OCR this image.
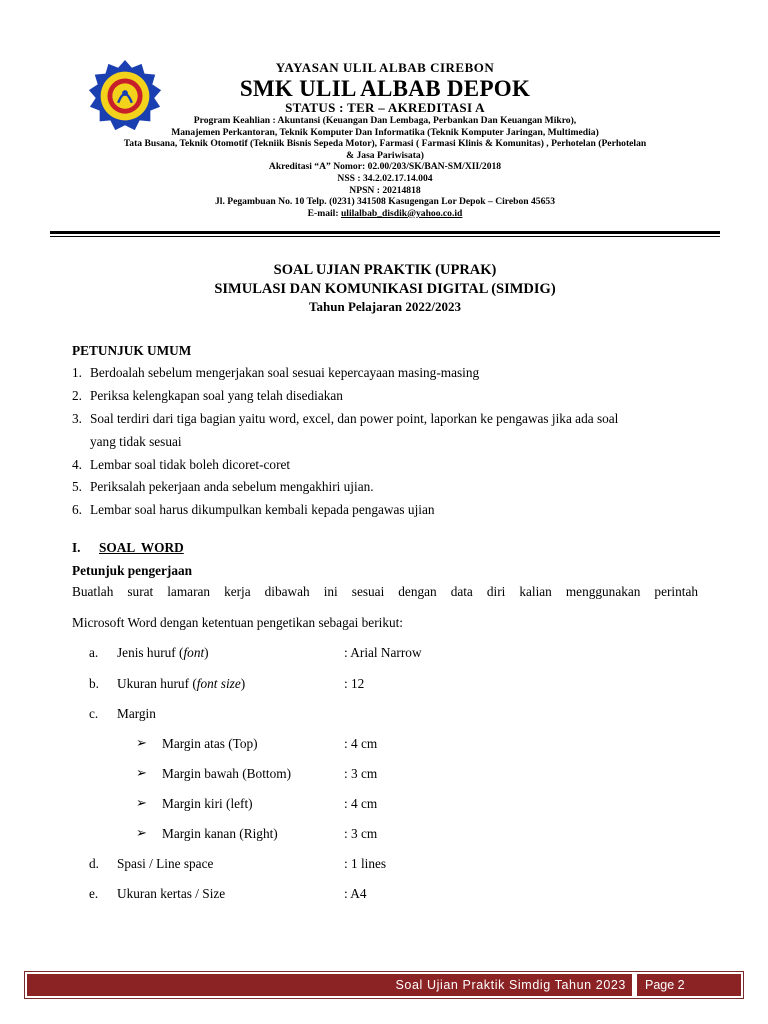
YAYASAN ULIL ALBAB CIREBON
SMK ULIL ALBAB DEPOK
STATUS : TER – AKREDITASI A
Program Keahlian : Akuntansi (Keuangan Dan Lembaga, Perbankan Dan Keuangan Mikro),
Manajemen Perkantoran, Teknik Komputer Dan Informatika (Teknik Komputer Jaringan, Multimedia)
Tata Busana, Teknik Otomotif (Tekniik Bisnis Sepeda Motor), Farmasi ( Farmasi Klinis & Komunitas) , Perhotelan (Perhotelan
& Jasa Pariwisata)
Akreditasi “A” Nomor: 02.00/203/SK/BAN-SM/XII/2018
NSS : 34.2.02.17.14.004
NPSN : 20214818
Jl. Pegambuan No. 10 Telp. (0231) 341508 Kasugengan Lor Depok – Cirebon 45653
E-mail: ulilalbab_disdik@yahoo.co.id
SOAL UJIAN PRAKTIK (UPRAK)
SIMULASI DAN KOMUNIKASI DIGITAL (SIMDIG)
Tahun Pelajaran 2022/2023
PETUNJUK UMUM
1. Berdoalah sebelum mengerjakan soal sesuai kepercayaan masing-masing
2. Periksa kelengkapan soal yang telah disediakan
3. Soal terdiri dari tiga bagian yaitu word, excel, dan power point, laporkan ke pengawas jika ada soal
yang tidak sesuai
4. Lembar soal tidak boleh dicoret-coret
5. Periksalah pekerjaan anda sebelum mengakhiri ujian.
6. Lembar soal harus dikumpulkan kembali kepada pengawas ujian
I. SOAL  WORD
Petunjuk pengerjaan
Buatlah surat lamaran kerja dibawah ini sesuai dengan data diri kalian menggunakan perintah
Microsoft Word dengan ketentuan pengetikan sebagai berikut:
a. Jenis huruf (font)	: Arial Narrow
b. Ukuran huruf (font size)	: 12
c. Margin
➢ Margin atas (Top)	: 4 cm
➢ Margin bawah (Bottom)	: 3 cm
➢ Margin kiri (left)	: 4 cm
➢ Margin kanan (Right)	: 3 cm
d. Spasi / Line space	: 1 lines
e. Ukuran kertas / Size	: A4
Soal Ujian Praktik Simdig Tahun 2023	Page 2
